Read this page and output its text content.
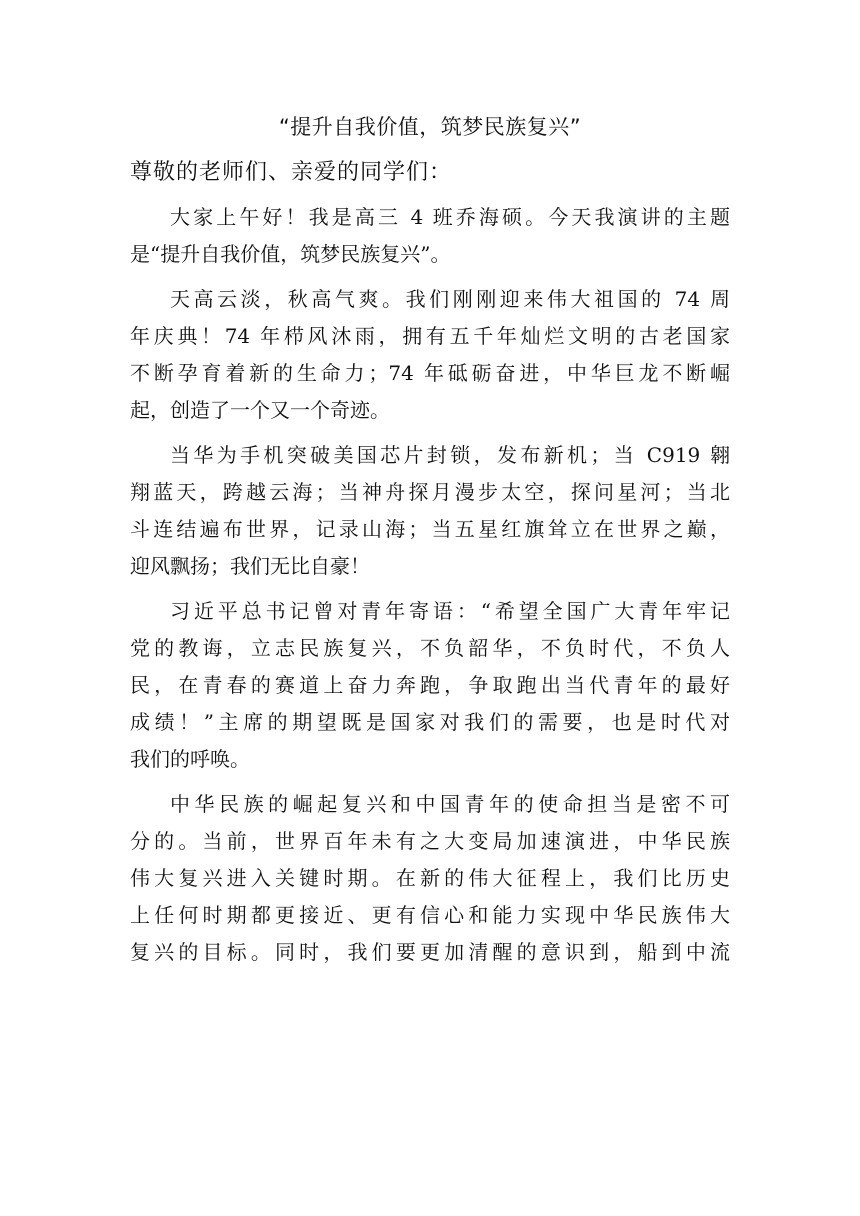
“提升自我价值，筑梦民族复兴”
尊敬的老师们、亲爱的同学们：
大家上午好！我是高三 4 班乔海硕。今天我演讲的主题
是“提升自我价值，筑梦民族复兴”。
天高云淡，秋高气爽。我们刚刚迎来伟大祖国的 74 周
年庆典！74 年栉风沐雨，拥有五千年灿烂文明的古老国家
不断孕育着新的生命力；74 年砥砺奋进，中华巨龙不断崛
起，创造了一个又一个奇迹。
当华为手机突破美国芯片封锁，发布新机；当 C919 翱
翔蓝天，跨越云海；当神舟探月漫步太空，探问星河；当北
斗连结遍布世界，记录山海；当五星红旗耸立在世界之巅，
迎风飘扬；我们无比自豪！
习近平总书记曾对青年寄语：“希望全国广大青年牢记
党的教诲，立志民族复兴，不负韶华，不负时代，不负人
民，在青春的赛道上奋力奔跑，争取跑出当代青年的最好
成绩！”主席的期望既是国家对我们的需要，也是时代对
我们的呼唤。
中华民族的崛起复兴和中国青年的使命担当是密不可
分的。当前，世界百年未有之大变局加速演进，中华民族
伟大复兴进入关键时期。在新的伟大征程上，我们比历史
上任何时期都更接近、更有信心和能力实现中华民族伟大
复兴的目标。同时，我们要更加清醒的意识到，船到中流
